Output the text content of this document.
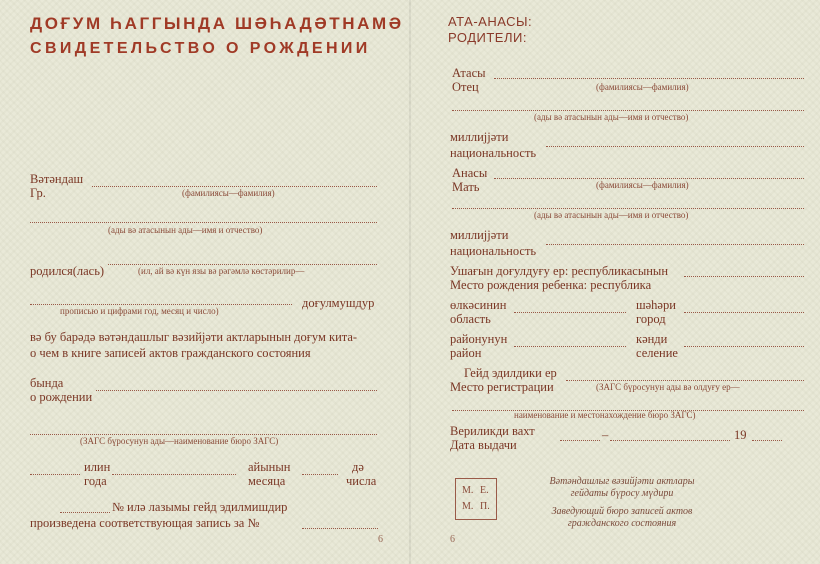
ДОҒУМ ҺАГГЫНДА ШӘҺАДӘТНАМӘ
СВИДЕТЕЛЬСТВО О РОЖДЕНИИ
Вәтәндаш
Гр.	(фамилиясы—фамилия)
(ады вә атасынын ады—имя и отчество)
родился(лась)	(ил, ай вә күн язы вә рәгәмлә көстәрилир—
доғулмушдур
прописью и цифрами год, месяц и число)
вә бу барәдә вәтәндашлыг вәзийјәти актларынын доғум кита-
о чем в книге записей актов гражданского состояния
бында
о рождении
(ЗАГС бүросунун ады—наименование бюро ЗАГС)
илин
года
айынын
месяца
дә
числа
№ илә лазымы гейд эдилмишдир
произведена соответствующая запись за №
6
АТА-АНАСЫ:
РОДИТЕЛИ:
Атасы
Отец	(фамилиясы—фамилия)
(ады вә атасынын ады—имя и отчество)
миллијјәти
национальность
Анасы
Мать	(фамилиясы—фамилия)
(ады вә атасынын ады—имя и отчество)
миллијјәти
национальность
Ушағын доғулдуғу ер: республикасынын
Место рождения ребенка: республика
өлкәсинин
область
шәһәри
город
районунун
район
кәнди
селение
Гейд эдилдики ер
Место регистрации	(ЗАГС бүросунун ады вә олдуғу ер—
наименование и местонахождение бюро ЗАГС)
Вериликди вахт
Дата выдачи
–	19
М. Е.
М. П.
Вәтәндашлыг вәзийјәти актлары
гейдаты бүросу мүдири
Заведующий бюро записей актов
гражданского состояния
6
